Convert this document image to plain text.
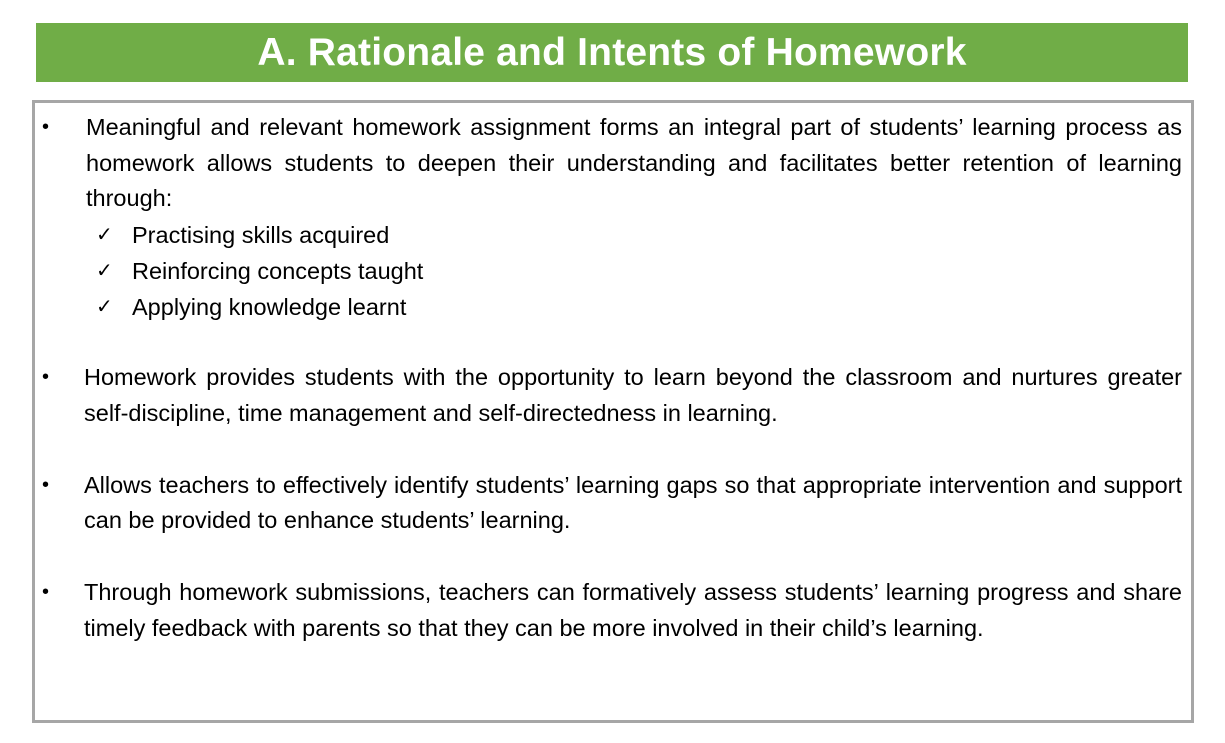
A. Rationale and Intents of Homework
• Meaningful and relevant homework assignment forms an integral part of students’ learning process as homework allows students to deepen their understanding and facilitates better retention of learning through:
✓ Practising skills acquired
✓ Reinforcing concepts taught
✓ Applying knowledge learnt
• Homework provides students with the opportunity to learn beyond the classroom and nurtures greater self-discipline, time management and self-directedness in learning.
• Allows teachers to effectively identify students’ learning gaps so that appropriate intervention and support can be provided to enhance students’ learning.
• Through homework submissions, teachers can formatively assess students’ learning progress and share timely feedback with parents so that they can be more involved in their child’s learning.
